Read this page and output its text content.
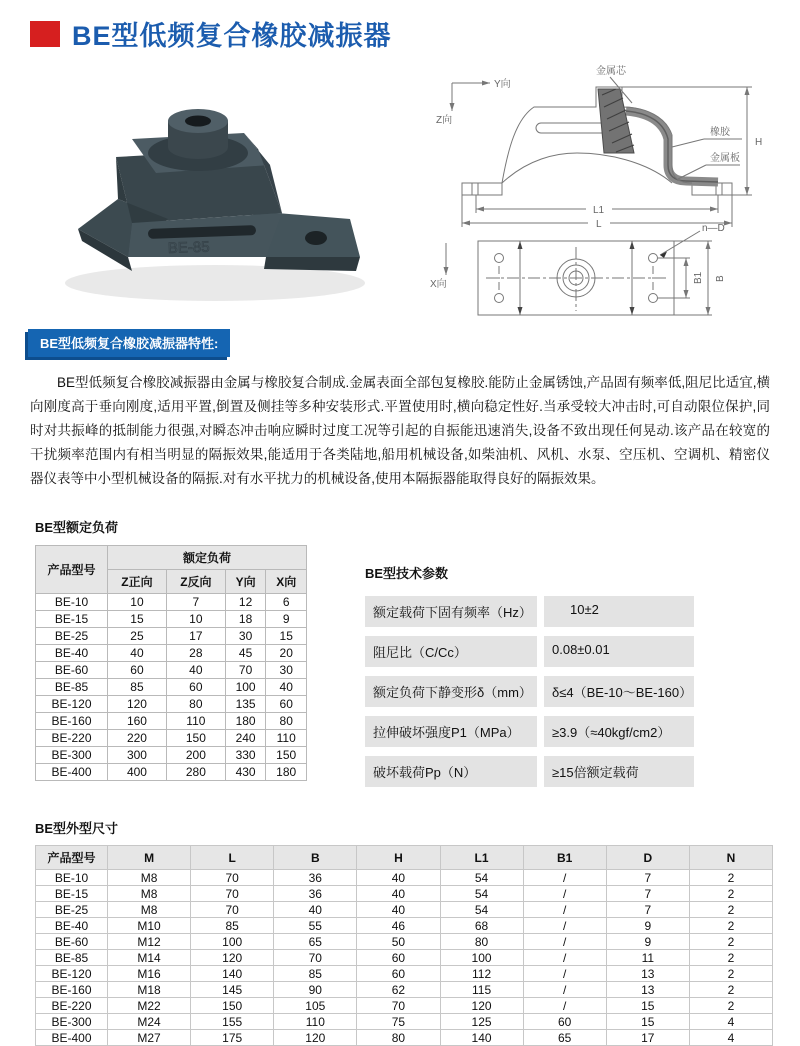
BE型低频复合橡胶减振器
BE-85
Y向
Z向
金属芯
橡胶
金属板
H
L1
L
X向
B1 B
n—D
BE型低频复合橡胶减振器特性:

BE型低频复合橡胶减振器由金属与橡胶复合制成.金属表面全部包复橡胶.能防止金属锈蚀,产品固有频率低,阻尼比适宜,横向刚度高于垂向刚度,适用平置,倒置及侧挂等多种安装形式.平置使用时,横向稳定性好.当承受较大冲击时,可自动限位保护,同时对共振峰的抵制能力很强,对瞬态冲击响应瞬时过度工况等引起的自振能迅速消失,设备不致出现任何晃动.该产品在较宽的干扰频率范围内有相当明显的隔振效果,能适用于各类陆地,船用机械设备,如柴油机、风机、水泵、空压机、空调机、精密仪器仪表等中小型机械设备的隔振.对有水平扰力的机械设备,使用本隔振器能取得良好的隔振效果。

BE型额定负荷
产品型号	额定负荷			
	Z正向	Z反向	Y向	X向
BE-10	10	7	12	6
BE-15	15	10	18	9
BE-25	25	17	30	15
BE-40	40	28	45	20
BE-60	60	40	70	30
BE-85	85	60	100	40
BE-120	120	80	135	60
BE-160	160	110	180	80
BE-220	220	150	240	110
BE-300	300	200	330	150
BE-400	400	280	430	180
BE型技术参数
额定载荷下固有频率（Hz）	10±2
阻尼比（C/Cc）	0.08±0.01
额定负荷下静变形δ（mm）	δ≤4（BE-10～BE-160）
拉伸破坏强度P1（MPa）	≥3.9（≈40kgf/cm2）
破坏载荷Pp（N）	≥15倍额定载荷
BE型外型尺寸
产品型号	M	L	B	H	L1	B1	D	N
BE-10	M8	70	36	40	54	/	7	2
BE-15	M8	70	36	40	54	/	7	2
BE-25	M8	70	40	40	54	/	7	2
BE-40	M10	85	55	46	68	/	9	2
BE-60	M12	100	65	50	80	/	9	2
BE-85	M14	120	70	60	100	/	11	2
BE-120	M16	140	85	60	112	/	13	2
BE-160	M18	145	90	62	115	/	13	2
BE-220	M22	150	105	70	120	/	15	2
BE-300	M24	155	110	75	125	60	15	4
BE-400	M27	175	120	80	140	65	17	4
